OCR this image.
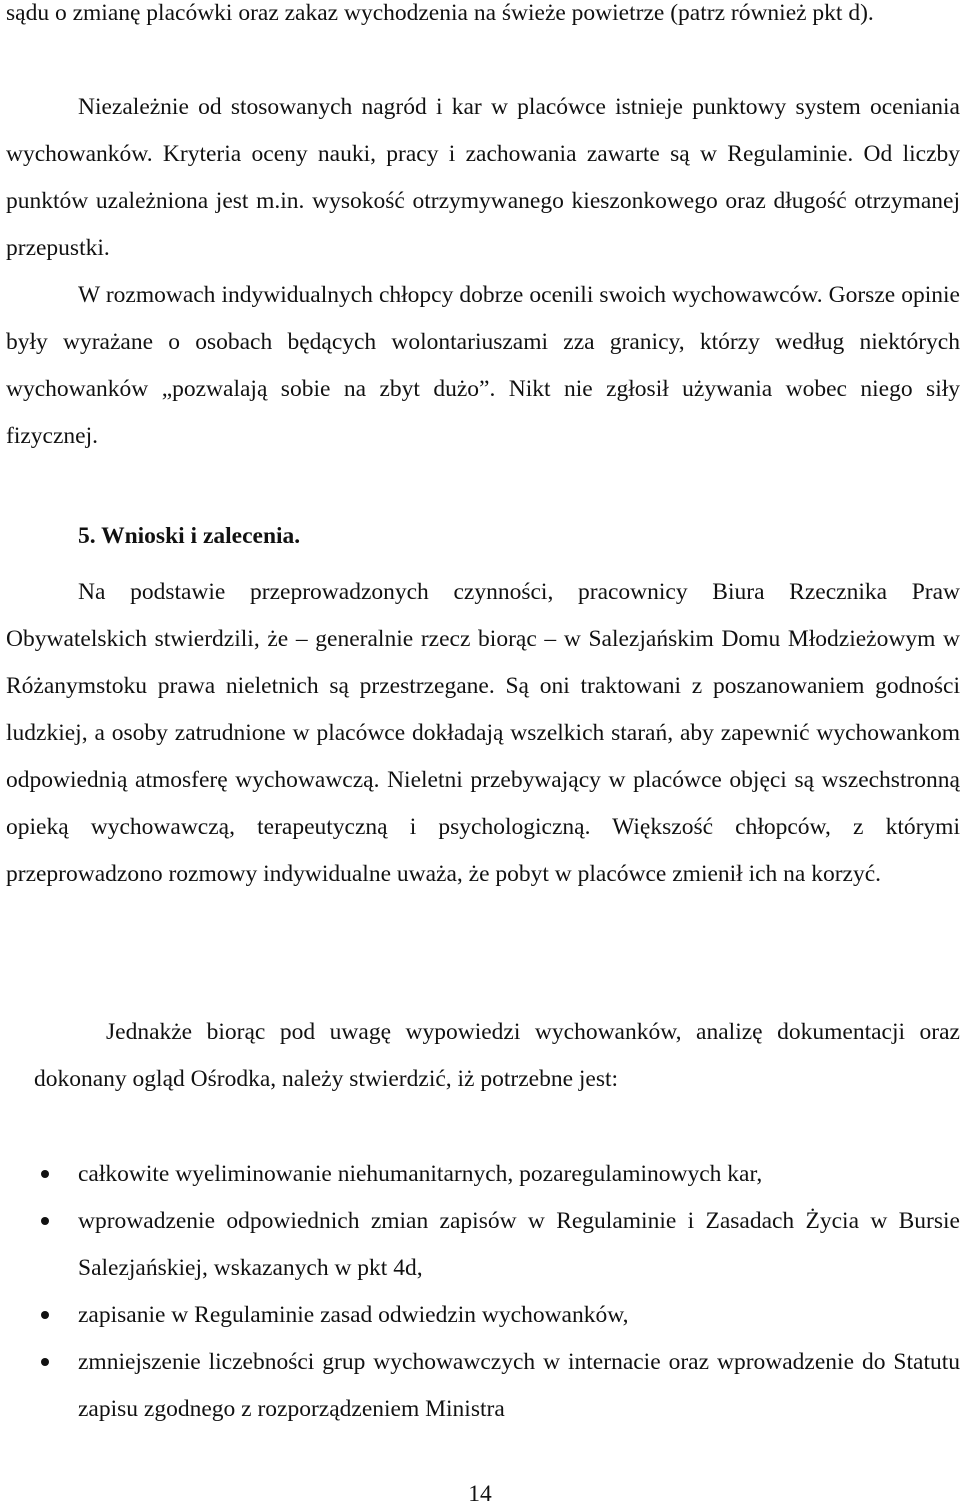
sądu o zmianę placówki oraz zakaz wychodzenia na świeże powietrze (patrz również pkt d).

Niezależnie od stosowanych nagród i kar w placówce istnieje punktowy system oceniania wychowanków. Kryteria oceny nauki, pracy i zachowania zawarte są w Regulaminie. Od liczby punktów uzależniona jest m.in. wysokość otrzymywanego kieszonkowego oraz długość otrzymanej przepustki.

W rozmowach indywidualnych chłopcy dobrze ocenili swoich wychowawców. Gorsze opinie były wyrażane o osobach będących wolontariuszami zza granicy, którzy według niektórych wychowanków „pozwalają sobie na zbyt dużo”. Nikt nie zgłosił używania wobec niego siły fizycznej.

5. Wnioski i zalecenia.

Na podstawie przeprowadzonych czynności, pracownicy Biura Rzecznika Praw Obywatelskich stwierdzili, że – generalnie rzecz biorąc – w Salezjańskim Domu Młodzieżowym w Różanymstoku prawa nieletnich są przestrzegane. Są oni traktowani z poszanowaniem godności ludzkiej, a osoby zatrudnione w placówce dokładają wszelkich starań, aby zapewnić wychowankom odpowiednią atmosferę wychowawczą. Nieletni przebywający w placówce objęci są wszechstronną opieką wychowawczą, terapeutyczną i psychologiczną. Większość chłopców, z którymi przeprowadzono rozmowy indywidualne uważa, że pobyt w placówce zmienił ich na korzyć.

Jednakże biorąc pod uwagę wypowiedzi wychowanków, analizę dokumentacji oraz dokonany ogląd Ośrodka, należy stwierdzić, iż potrzebne jest:

całkowite wyeliminowanie niehumanitarnych, pozaregulaminowych kar,
wprowadzenie odpowiednich zmian zapisów w Regulaminie i Zasadach Życia w Bursie Salezjańskiej, wskazanych w pkt 4d,
zapisanie w Regulaminie zasad odwiedzin wychowanków,
zmniejszenie liczebności grup wychowawczych w internacie oraz wprowadzenie do Statutu zapisu zgodnego z rozporządzeniem Ministra
14
